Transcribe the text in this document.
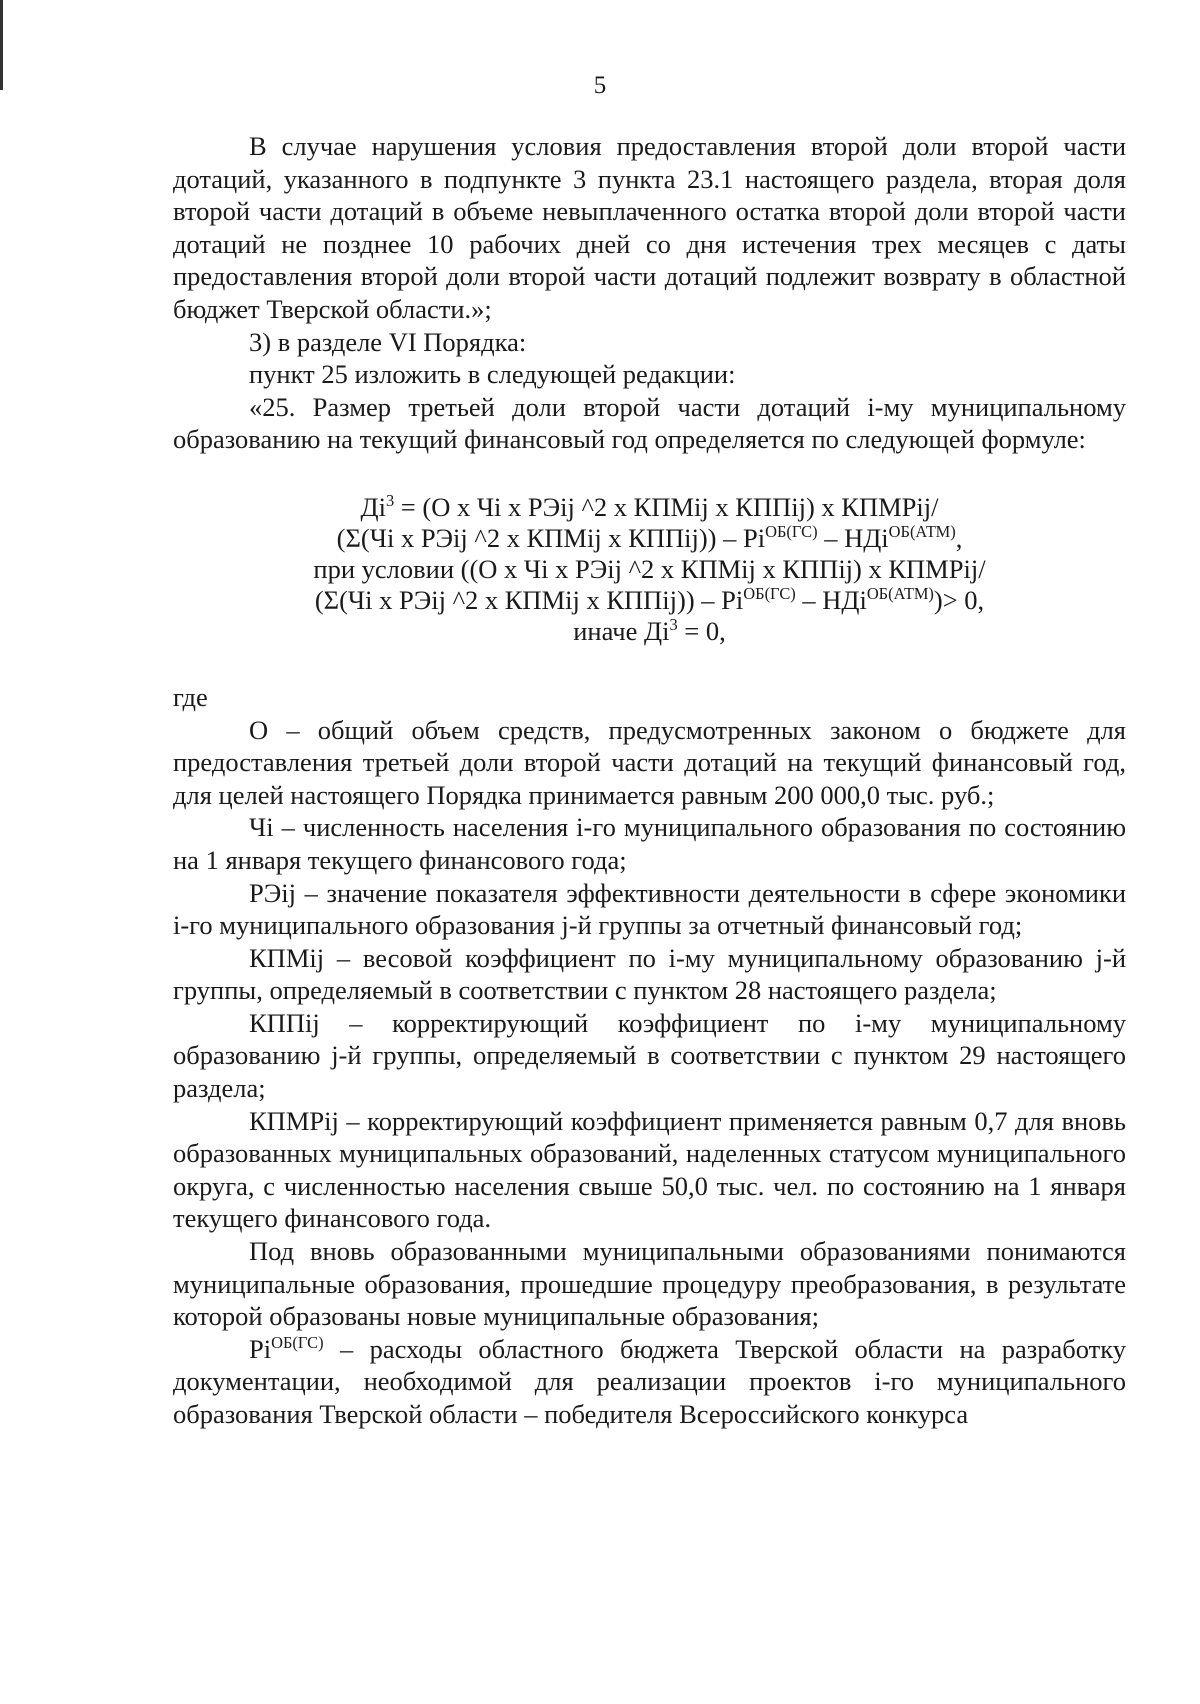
5

В случае нарушения условия предоставления второй доли второй части дотаций, указанного в подпункте 3 пункта 23.1 настоящего раздела, вторая доля второй части дотаций в объеме невыплаченного остатка второй доли второй части дотаций не позднее 10 рабочих дней со дня истечения трех месяцев с даты предоставления второй доли второй части дотаций подлежит возврату в областной бюджет Тверской области.»;

3) в разделе VI Порядка:

пункт 25 изложить в следующей редакции:

«25. Размер третьей доли второй части дотаций i-му муниципальному образованию на текущий финансовый год определяется по следующей формуле:

$Дi^3 = (О$ x Чi x РЭij ^2 x КПМij x КППij) x КПМРij/
(Σ(Чi x РЭij ^2 x КПМij x КППij)) – $Рi^{ОБ(ГС)} - НДi^{ОБ(АТМ)}$,
при условии ((О x Чi x РЭij ^2 x КПМij x КППij) x КПМРij/
(Σ(Чi x РЭij ^2 x КПМij x КППij)) – $Рi^{ОБ(ГС)} - НДi^{ОБ(АТМ)})> 0$,
иначе $Дi^3 = 0$,

где

О – общий объем средств, предусмотренных законом о бюджете для предоставления третьей доли второй части дотаций на текущий финансовый год, для целей настоящего Порядка принимается равным 200 000,0 тыс. руб.;

Чi – численность населения i-го муниципального образования по состоянию на 1 января текущего финансового года;

РЭij – значение показателя эффективности деятельности в сфере экономики i-го муниципального образования j-й группы за отчетный финансовый год;

КПМij – весовой коэффициент по i-му муниципальному образованию j-й группы, определяемый в соответствии с пунктом 28 настоящего раздела;

КППij – корректирующий коэффициент по i-му муниципальному образованию j-й группы, определяемый в соответствии с пунктом 29 настоящего раздела;

КПМРij – корректирующий коэффициент применяется равным 0,7 для вновь образованных муниципальных образований, наделенных статусом муниципального округа, с численностью населения свыше 50,0 тыс. чел. по состоянию на 1 января текущего финансового года.

Под вновь образованными муниципальными образованиями понимаются муниципальные образования, прошедшие процедуру преобразования, в результате которой образованы новые муниципальные образования;

$Рi^{ОБ(ГС)}$ – расходы областного бюджета Тверской области на разработку документации, необходимой для реализации проектов i-го муниципального образования Тверской области – победителя Всероссийского конкурса
